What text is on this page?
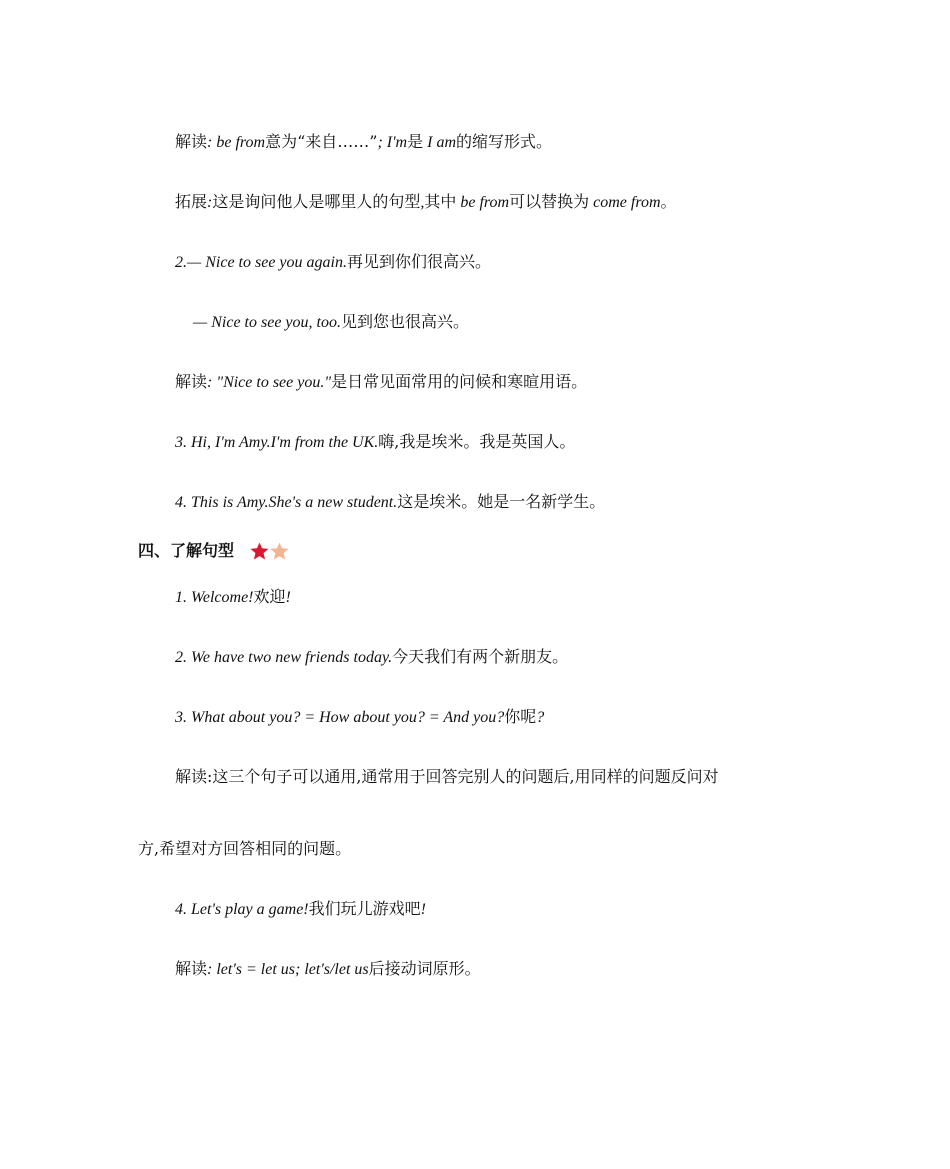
解读: be from意为“来自……”; I'm是 I am的缩写形式。

拓展:这是询问他人是哪里人的句型,其中 be from可以替换为 come from。

2.— Nice to see you again.再见到你们很高兴。

— Nice to see you, too.见到您也很高兴。

解读: "Nice to see you."是日常见面常用的问候和寒暄用语。

3. Hi, I'm Amy.I'm from the UK.嗨,我是埃米。我是英国人。

4. This is Amy.She's a new student.这是埃米。她是一名新学生。

四、了解句型

1. Welcome!欢迎!

2. We have two new friends today.今天我们有两个新朋友。

3. What about you? = How about you? = And you?你呢?

解读:这三个句子可以通用,通常用于回答完别人的问题后,用同样的问题反问对

方,希望对方回答相同的问题。

4. Let's play a game!我们玩儿游戏吧!

解读: let's = let us; let's/let us后接动词原形。
